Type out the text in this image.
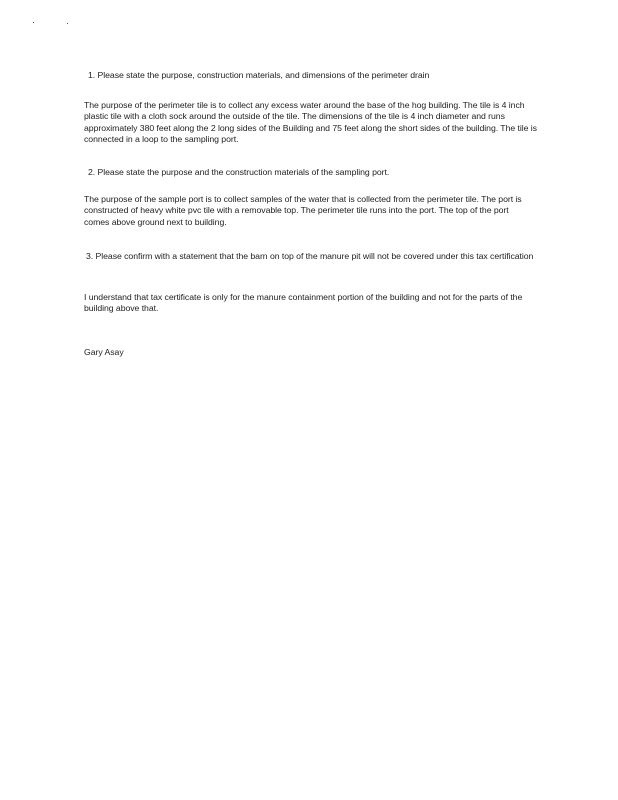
1. Please state the purpose, construction materials, and dimensions of the perimeter drain

The purpose of the perimeter tile is to collect any excess water around the base of the hog building. The tile is 4 inch plastic tile with a cloth sock around the outside of the tile. The dimensions of the tile is 4 inch diameter and runs approximately 380 feet along the 2 long sides of the Building and 75 feet along the short sides of the building. The tile is connected in a loop to the sampling port.

2. Please state the purpose and the construction materials of the sampling port.

The purpose of the sample port is to collect samples of the water that is collected from the perimeter tile. The port is constructed of heavy white pvc tile with a removable top. The perimeter tile runs into the port. The top of the port comes above ground next to building.

3. Please confirm with a statement that the barn on top of the manure pit will not be covered under this tax certification

I understand that tax certificate is only for the manure containment portion of the building and not for the parts of the building above that.

Gary Asay
